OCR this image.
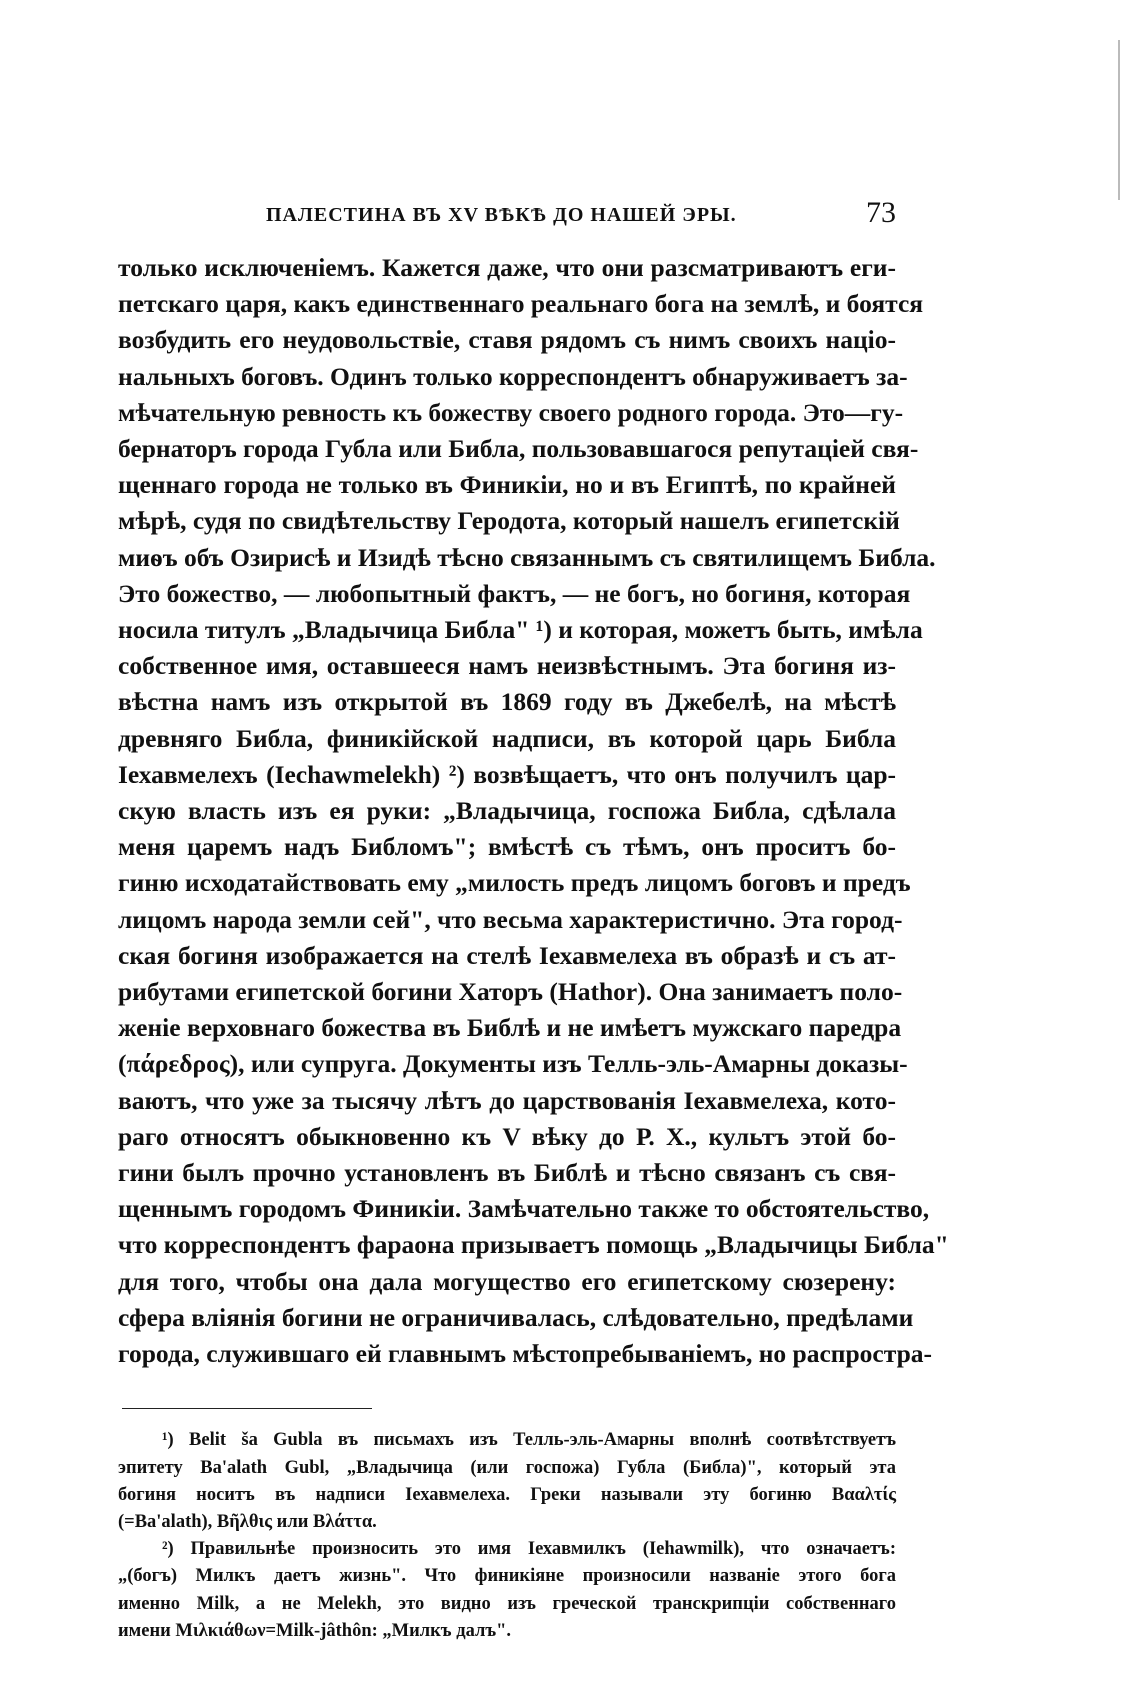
ПАЛЕСТИНА ВЪ XV ВѢКѢ ДО НАШЕЙ ЭРЫ.	73
только исключеніемъ. Кажется даже, что они разсматриваютъ еги-
петскаго царя, какъ единственнаго реальнаго бога на землѣ, и боятся
возбудить его неудовольствіе, ставя рядомъ съ нимъ своихъ націо-
нальныхъ боговъ. Одинъ только корреспондентъ обнаруживаетъ за-
мѣчательную ревность къ божеству своего родного города. Это—гу-
бернаторъ города Губла или Библа, пользовавшагося репутаціей свя-
щеннаго города не только въ Финикіи, но и въ Египтѣ, по крайней
мѣрѣ, судя по свидѣтельству Геродота, который нашелъ египетскій
миѳъ объ Озирисѣ и Изидѣ тѣсно связаннымъ съ святилищемъ Библа.
Это божество, — любопытный фактъ, — не богъ, но богиня, которая
носила титулъ „Владычица Библа" ¹) и которая, можетъ быть, имѣла
собственное имя, оставшееся намъ неизвѣстнымъ. Эта богиня из-
вѣстна намъ изъ открытой въ 1869 году въ Джебелѣ, на мѣстѣ
древняго Библа, финикійской надписи, въ которой царь Библа
Іехавмелехъ (Iechawmelekh) ²) возвѣщаетъ, что онъ получилъ цар-
скую власть изъ ея руки: „Владычица, госпожа Библа, сдѣлала
меня царемъ надъ Библомъ"; вмѣстѣ съ тѣмъ, онъ проситъ бо-
гиню исходатайствовать ему „милость предъ лицомъ боговъ и предъ
лицомъ народа земли сей", что весьма характеристично. Эта город-
ская богиня изображается на стелѣ Іехавмелеха въ образѣ и съ ат-
рибутами египетской богини Хаторъ (Hathor). Она занимаетъ поло-
женіе верховнаго божества въ Библѣ и не имѣетъ мужскаго паредра
(πάρεδρος), или супруга. Документы изъ Телль-эль-Амарны доказы-
ваютъ, что уже за тысячу лѣтъ до царствованія Іехавмелеха, кото-
раго относятъ обыкновенно къ V вѣку до Р. Х., культъ этой бо-
гини былъ прочно установленъ въ Библѣ и тѣсно связанъ съ свя-
щеннымъ городомъ Финикіи. Замѣчательно также то обстоятельство,
что корреспондентъ фараона призываетъ помощь „Владычицы Библа"
для того, чтобы она дала могущество его египетскому сюзерену:
сфера вліянія богини не ограничивалась, слѣдовательно, предѣлами
города, служившаго ей главнымъ мѣстопребываніемъ, но распростра-
¹) Belit ša Gubla въ письмахъ изъ Телль-эль-Амарны вполнѣ соотвѣтствуетъ
эпитету Ba'alath Gubl, „Владычица (или госпожа) Губла (Библа)", который эта
богиня носитъ въ надписи Іехавмелеха. Греки называли эту богиню Βααλτίς
(=Ba'alath), Βῆλθις или Βλάττα.
²) Правильнѣе произносить это имя Іехавмилкъ (Iehawmilk), что означаетъ:
„(богъ) Милкъ даетъ жизнь". Что финикіяне произносили названіе этого бога
именно Milk, а не Melekh, это видно изъ греческой транскрипціи собственнаго
имени Μιλκιάθων=Milk-jâthôn: „Милкъ далъ".
